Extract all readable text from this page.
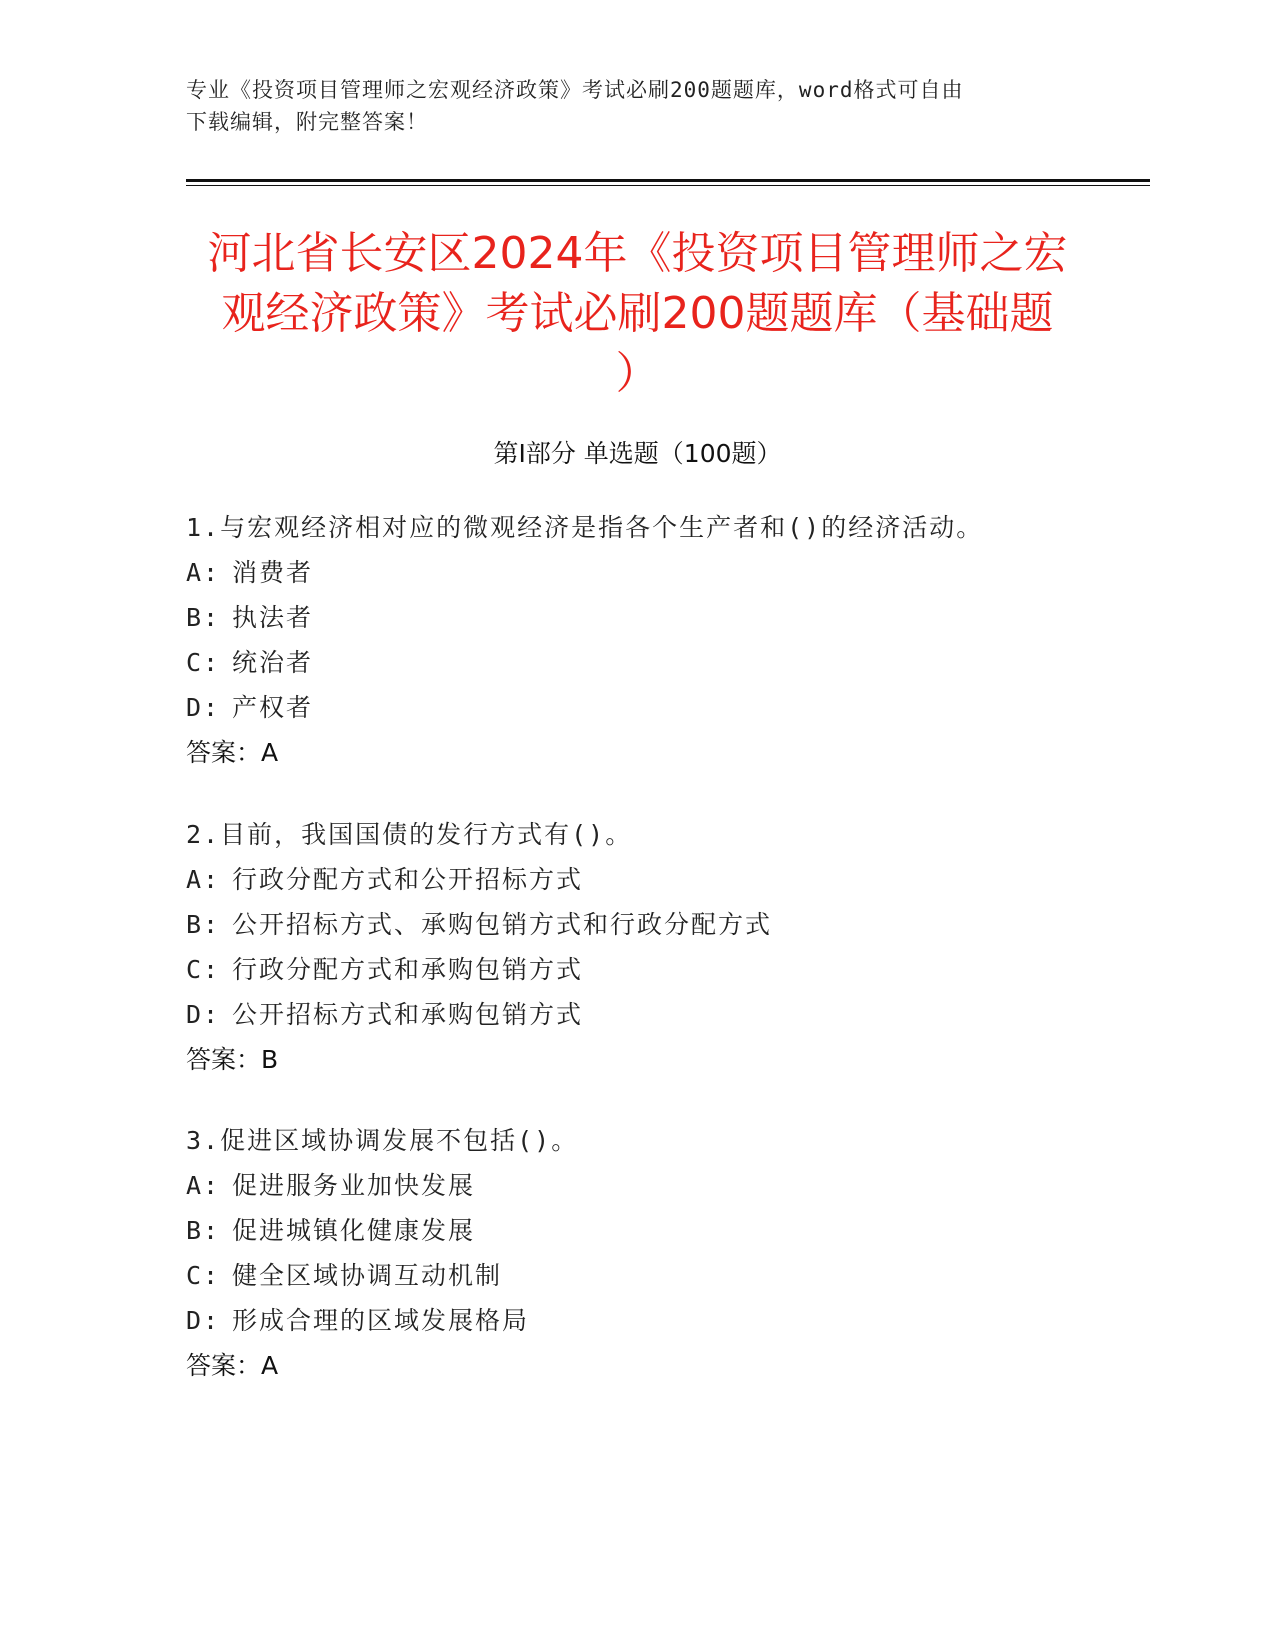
专业《投资项目管理师之宏观经济政策》考试必刷200题题库，word格式可自由
下载编辑，附完整答案！
河北省长安区2024年《投资项目管理师之宏
观经济政策》考试必刷200题题库（基础题
）
第I部分 单选题（100题）
1.与宏观经济相对应的微观经济是指各个生产者和()的经济活动。
A: 消费者
B: 执法者
C: 统治者
D: 产权者
答案：A
2.目前，我国国债的发行方式有()。
A: 行政分配方式和公开招标方式
B: 公开招标方式、承购包销方式和行政分配方式
C: 行政分配方式和承购包销方式
D: 公开招标方式和承购包销方式
答案：B
3.促进区域协调发展不包括()。
A: 促进服务业加快发展
B: 促进城镇化健康发展
C: 健全区域协调互动机制
D: 形成合理的区域发展格局
答案：A
